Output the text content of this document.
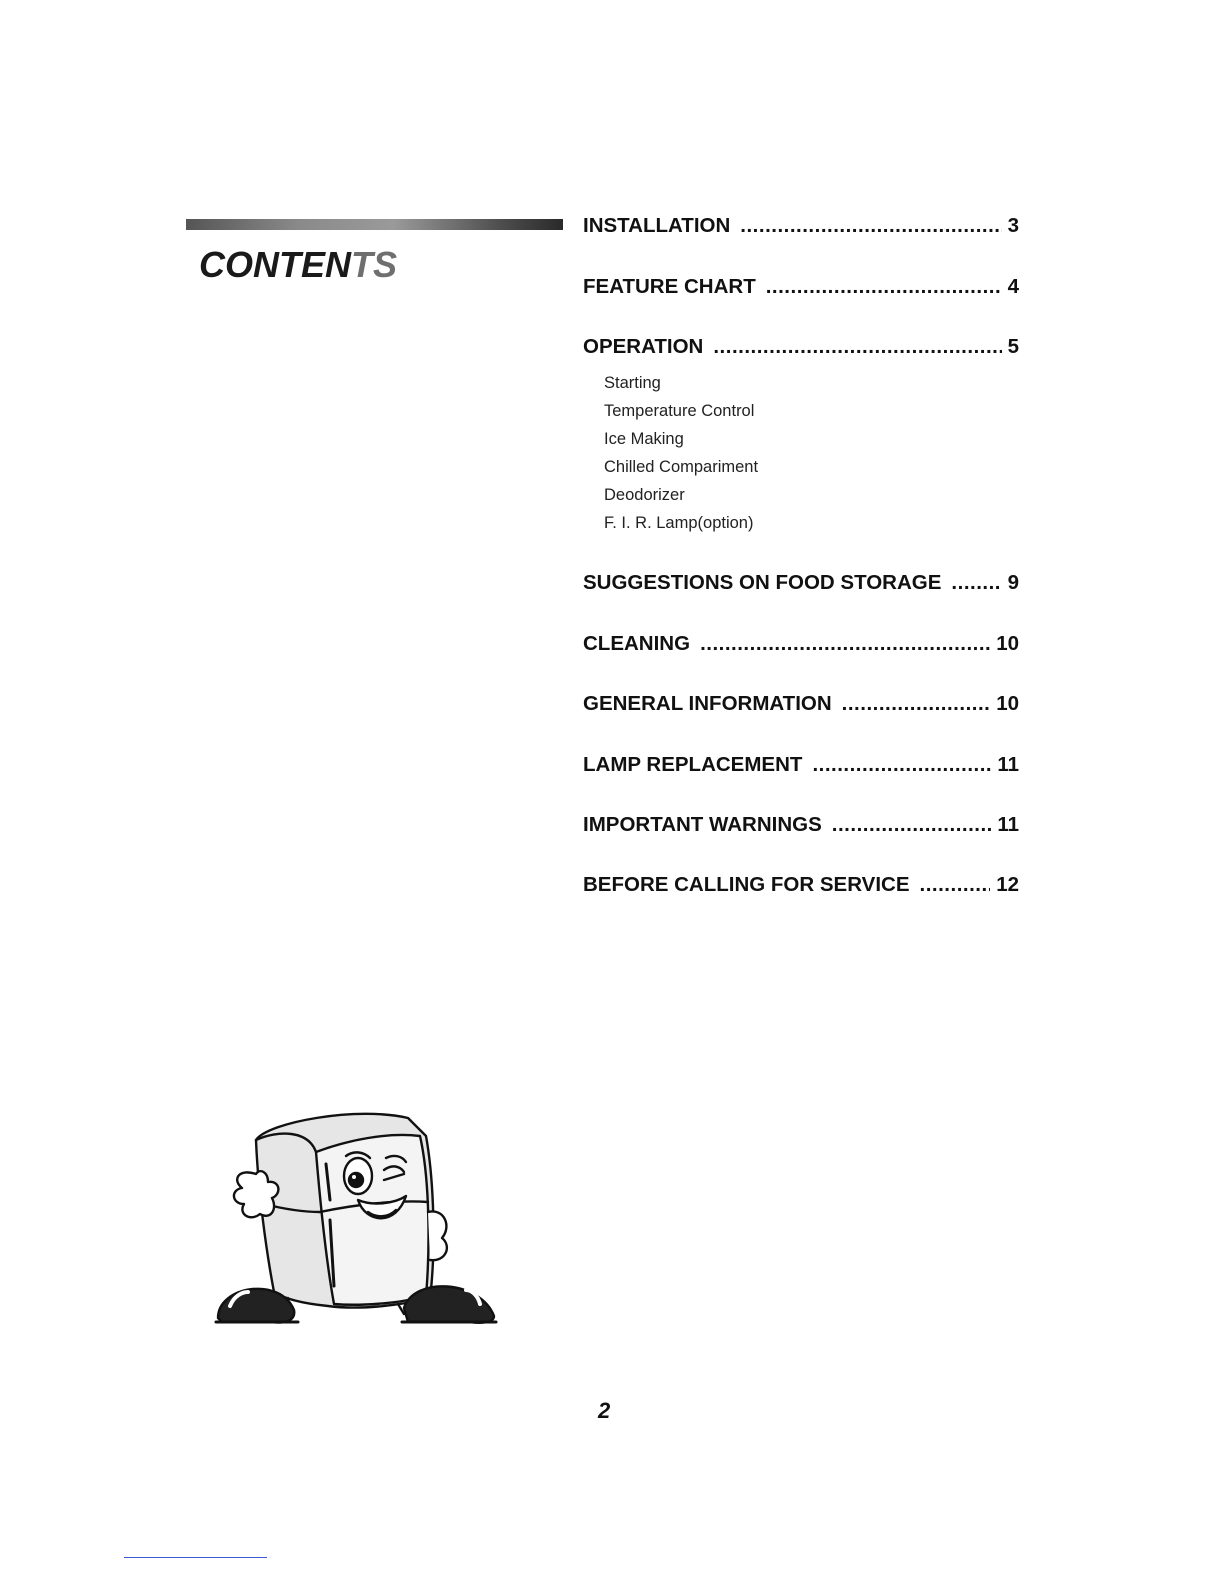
CONTENTS
INSTALLATION .....	3
FEATURE CHART .....	4
OPERATION .....	5
Starting
Temperature Control
Ice Making
Chilled Compariment
Deodorizer
F. I. R. Lamp(option)
SUGGESTIONS ON FOOD STORAGE .....	9
CLEANING .....	10
GENERAL INFORMATION .....	10
LAMP REPLACEMENT .....	11
IMPORTANT WARNINGS .....	11
BEFORE CALLING FOR SERVICE .....	12
2
